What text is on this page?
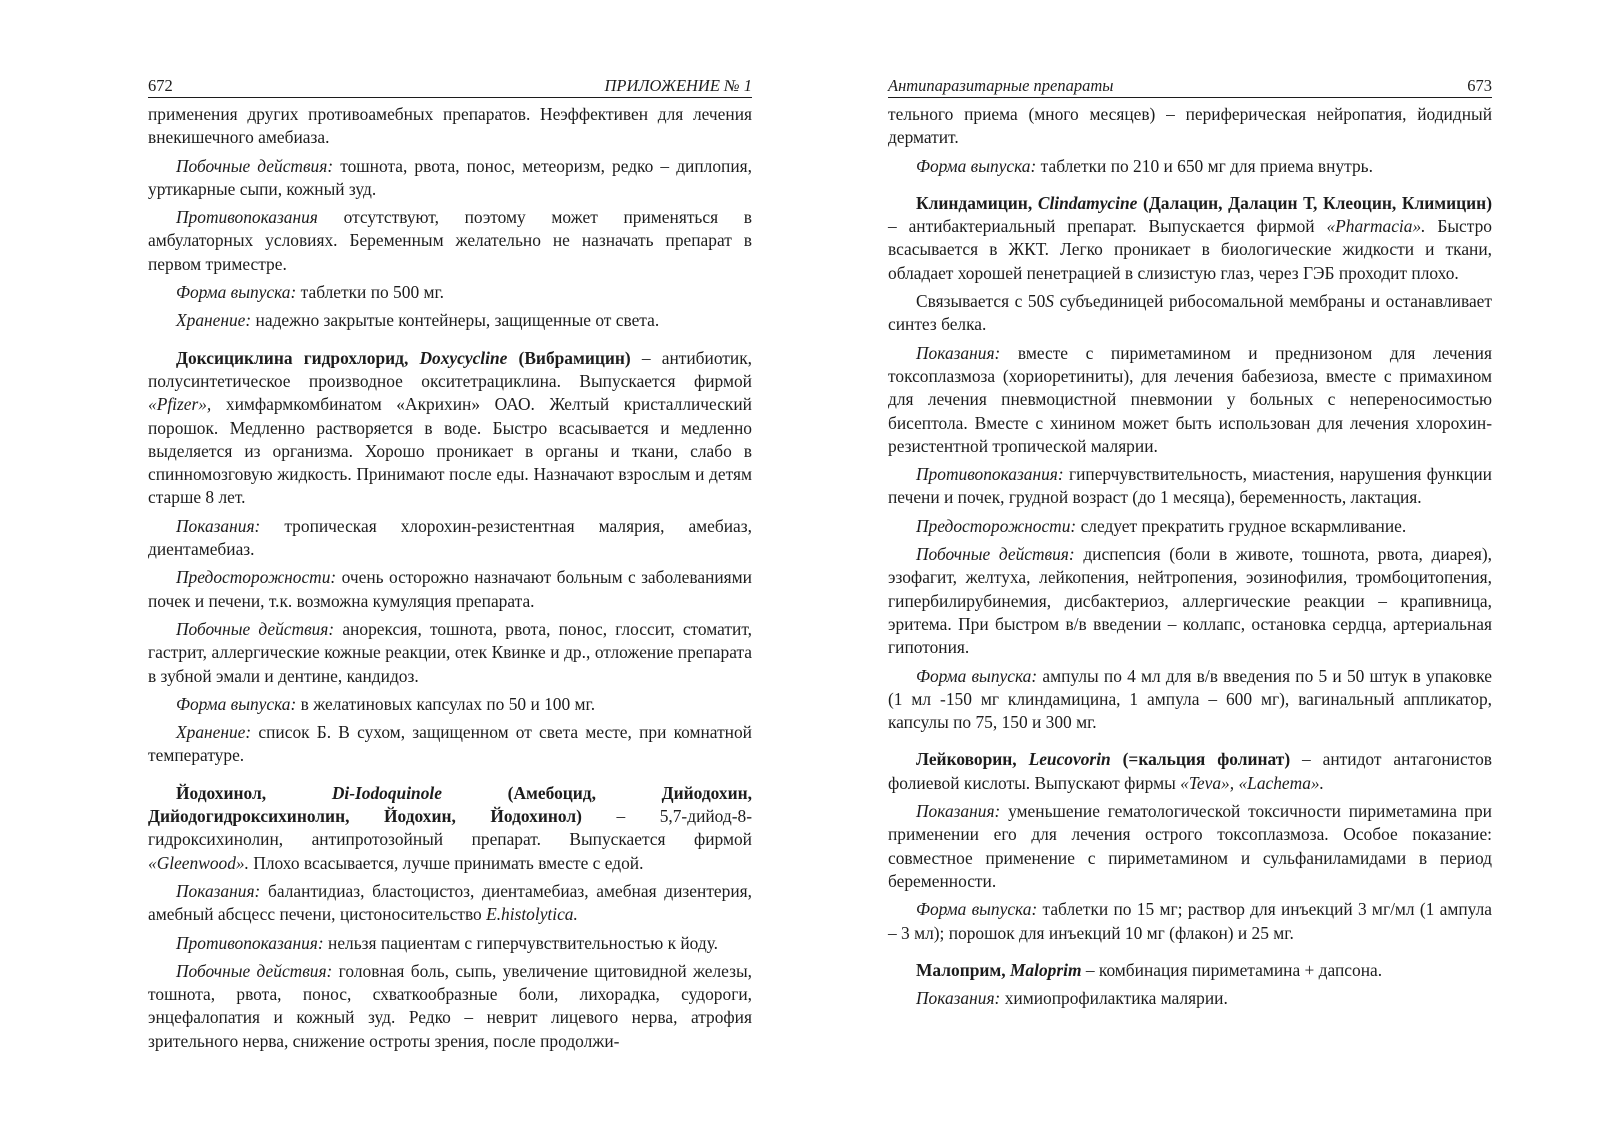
672	ПРИЛОЖЕНИЕ № 1

применения других противоамебных препаратов. Неэффективен для лечения внекишечного амебиаза.

Побочные действия: тошнота, рвота, понос, метеоризм, редко – диплопия, уртикарные сыпи, кожный зуд.

Противопоказания отсутствуют, поэтому может применяться в амбулаторных условиях. Беременным желательно не назначать препарат в первом триместре.

Форма выпуска: таблетки по 500 мг.

Хранение: надежно закрытые контейнеры, защищенные от света.

Доксициклина гидрохлорид, Doxycycline (Вибрамицин) – антибиотик, полусинтетическое производное окситетрациклина. Выпускается фирмой «Pfizer», химфармкомбинатом «Акрихин» ОАО. Желтый кристаллический порошок. Медленно растворяется в воде. Быстро всасывается и медленно выделяется из организма. Хорошо проникает в органы и ткани, слабо в спинномозговую жидкость. Принимают после еды. Назначают взрослым и детям старше 8 лет.

Показания: тропическая хлорохин-резистентная малярия, амебиаз, диентамебиаз.

Предосторожности: очень осторожно назначают больным с заболеваниями почек и печени, т.к. возможна кумуляция препарата.

Побочные действия: анорексия, тошнота, рвота, понос, глоссит, стоматит, гастрит, аллергические кожные реакции, отек Квинке и др., отложение препарата в зубной эмали и дентине, кандидоз.

Форма выпуска: в желатиновых капсулах по 50 и 100 мг.

Хранение: список Б. В сухом, защищенном от света месте, при комнатной температуре.

Йодохинол, Di-Iodoquinole (Амебоцид, Дийодохин, Дийодогидроксихинолин, Йодохин, Йодохинол) – 5,7-дийод-8-гидроксихинолин, антипротозойный препарат. Выпускается фирмой «Gleenwood». Плохо всасывается, лучше принимать вместе с едой.

Показания: балантидиаз, бластоцистоз, диентамебиаз, амебная дизентерия, амебный абсцесс печени, цистоносительство E.histolytica.

Противопоказания: нельзя пациентам с гиперчувствительностью к йоду.

Побочные действия: головная боль, сыпь, увеличение щитовидной железы, тошнота, рвота, понос, схваткообразные боли, лихорадка, судороги, энцефалопатия и кожный зуд. Редко – неврит лицевого нерва, атрофия зрительного нерва, снижение остроты зрения, после продолжи-

Антипаразитарные препараты	673

тельного приема (много месяцев) – периферическая нейропатия, йодидный дерматит.

Форма выпуска: таблетки по 210 и 650 мг для приема внутрь.

Клиндамицин, Clindamycine (Далацин, Далацин Т, Клеоцин, Климицин) – антибактериальный препарат. Выпускается фирмой «Pharmacia». Быстро всасывается в ЖКТ. Легко проникает в биологические жидкости и ткани, обладает хорошей пенетрацией в слизистую глаз, через ГЭБ проходит плохо.

Связывается с 50S субъединицей рибосомальной мембраны и останавливает синтез белка.

Показания: вместе с пириметамином и преднизоном для лечения токсоплазмоза (хориоретиниты), для лечения бабезиоза, вместе с примахином для лечения пневмоцистной пневмонии у больных с непереносимостью бисептола. Вместе с хинином может быть использован для лечения хлорохин-резистентной тропической малярии.

Противопоказания: гиперчувствительность, миастения, нарушения функции печени и почек, грудной возраст (до 1 месяца), беременность, лактация.

Предосторожности: следует прекратить грудное вскармливание.

Побочные действия: диспепсия (боли в животе, тошнота, рвота, диарея), эзофагит, желтуха, лейкопения, нейтропения, эозинофилия, тромбоцитопения, гипербилирубинемия, дисбактериоз, аллергические реакции – крапивница, эритема. При быстром в/в введении – коллапс, остановка сердца, артериальная гипотония.

Форма выпуска: ампулы по 4 мл для в/в введения по 5 и 50 штук в упаковке (1 мл -150 мг клиндамицина, 1 ампула – 600 мг), вагинальный аппликатор, капсулы по 75, 150 и 300 мг.

Лейковорин, Leucovorin (=кальция фолинат) – антидот антагонистов фолиевой кислоты. Выпускают фирмы «Teva», «Lachema».

Показания: уменьшение гематологической токсичности пириметамина при применении его для лечения острого токсоплазмоза. Особое показание: совместное применение с пириметамином и сульфаниламидами в период беременности.

Форма выпуска: таблетки по 15 мг; раствор для инъекций 3 мг/мл (1 ампула – 3 мл); порошок для инъекций 10 мг (флакон) и 25 мг.

Малоприм, Maloprim – комбинация пириметамина + дапсона.

Показания: химиопрофилактика малярии.
